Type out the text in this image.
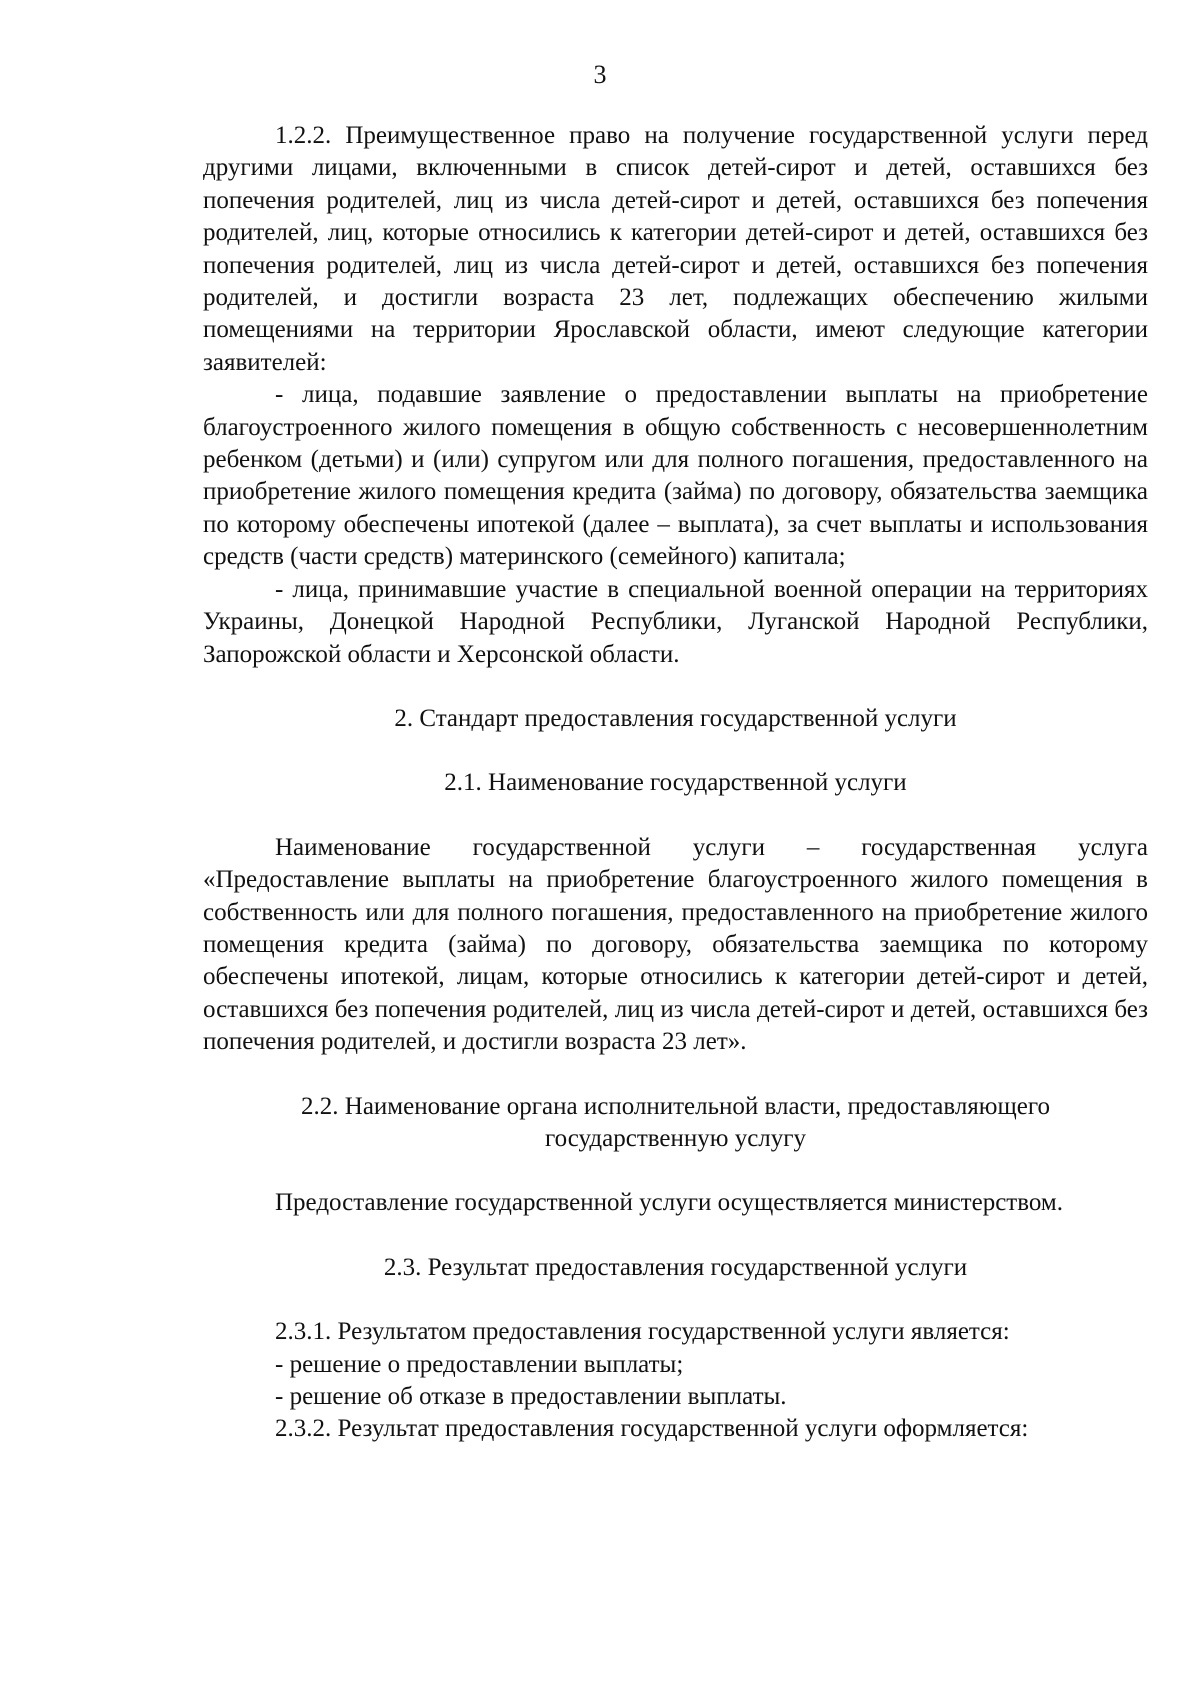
3

1.2.2. Преимущественное право на получение государственной услуги перед другими лицами, включенными в список детей-сирот и детей, оставшихся без попечения родителей, лиц из числа детей-сирот и детей, оставшихся без попечения родителей, лиц, которые относились к категории детей-сирот и детей, оставшихся без попечения родителей, лиц из числа детей-сирот и детей, оставшихся без попечения родителей, и достигли возраста 23 лет, подлежащих обеспечению жилыми помещениями на территории Ярославской области, имеют следующие категории заявителей:

- лица, подавшие заявление о предоставлении выплаты на приобретение благоустроенного жилого помещения в общую собственность с несовершеннолетним ребенком (детьми) и (или) супругом или для полного погашения, предоставленного на приобретение жилого помещения кредита (займа) по договору, обязательства заемщика по которому обеспечены ипотекой (далее – выплата), за счет выплаты и использования средств (части средств) материнского (семейного) капитала;

- лица, принимавшие участие в специальной военной операции на территориях Украины, Донецкой Народной Республики, Луганской Народной Республики, Запорожской области и Херсонской области.

2. Стандарт предоставления государственной услуги

2.1. Наименование государственной услуги

Наименование государственной услуги – государственная услуга «Предоставление выплаты на приобретение благоустроенного жилого помещения в собственность или для полного погашения, предоставленного на приобретение жилого помещения кредита (займа) по договору, обязательства заемщика по которому обеспечены ипотекой, лицам, которые относились к категории детей-сирот и детей, оставшихся без попечения родителей, лиц из числа детей-сирот и детей, оставшихся без попечения родителей, и достигли возраста 23 лет».

2.2. Наименование органа исполнительной власти, предоставляющего

государственную услугу

Предоставление государственной услуги осуществляется министерством.

2.3. Результат предоставления государственной услуги

2.3.1. Результатом предоставления государственной услуги является:

- решение о предоставлении выплаты;

- решение об отказе в предоставлении выплаты.

2.3.2. Результат предоставления государственной услуги оформляется:
